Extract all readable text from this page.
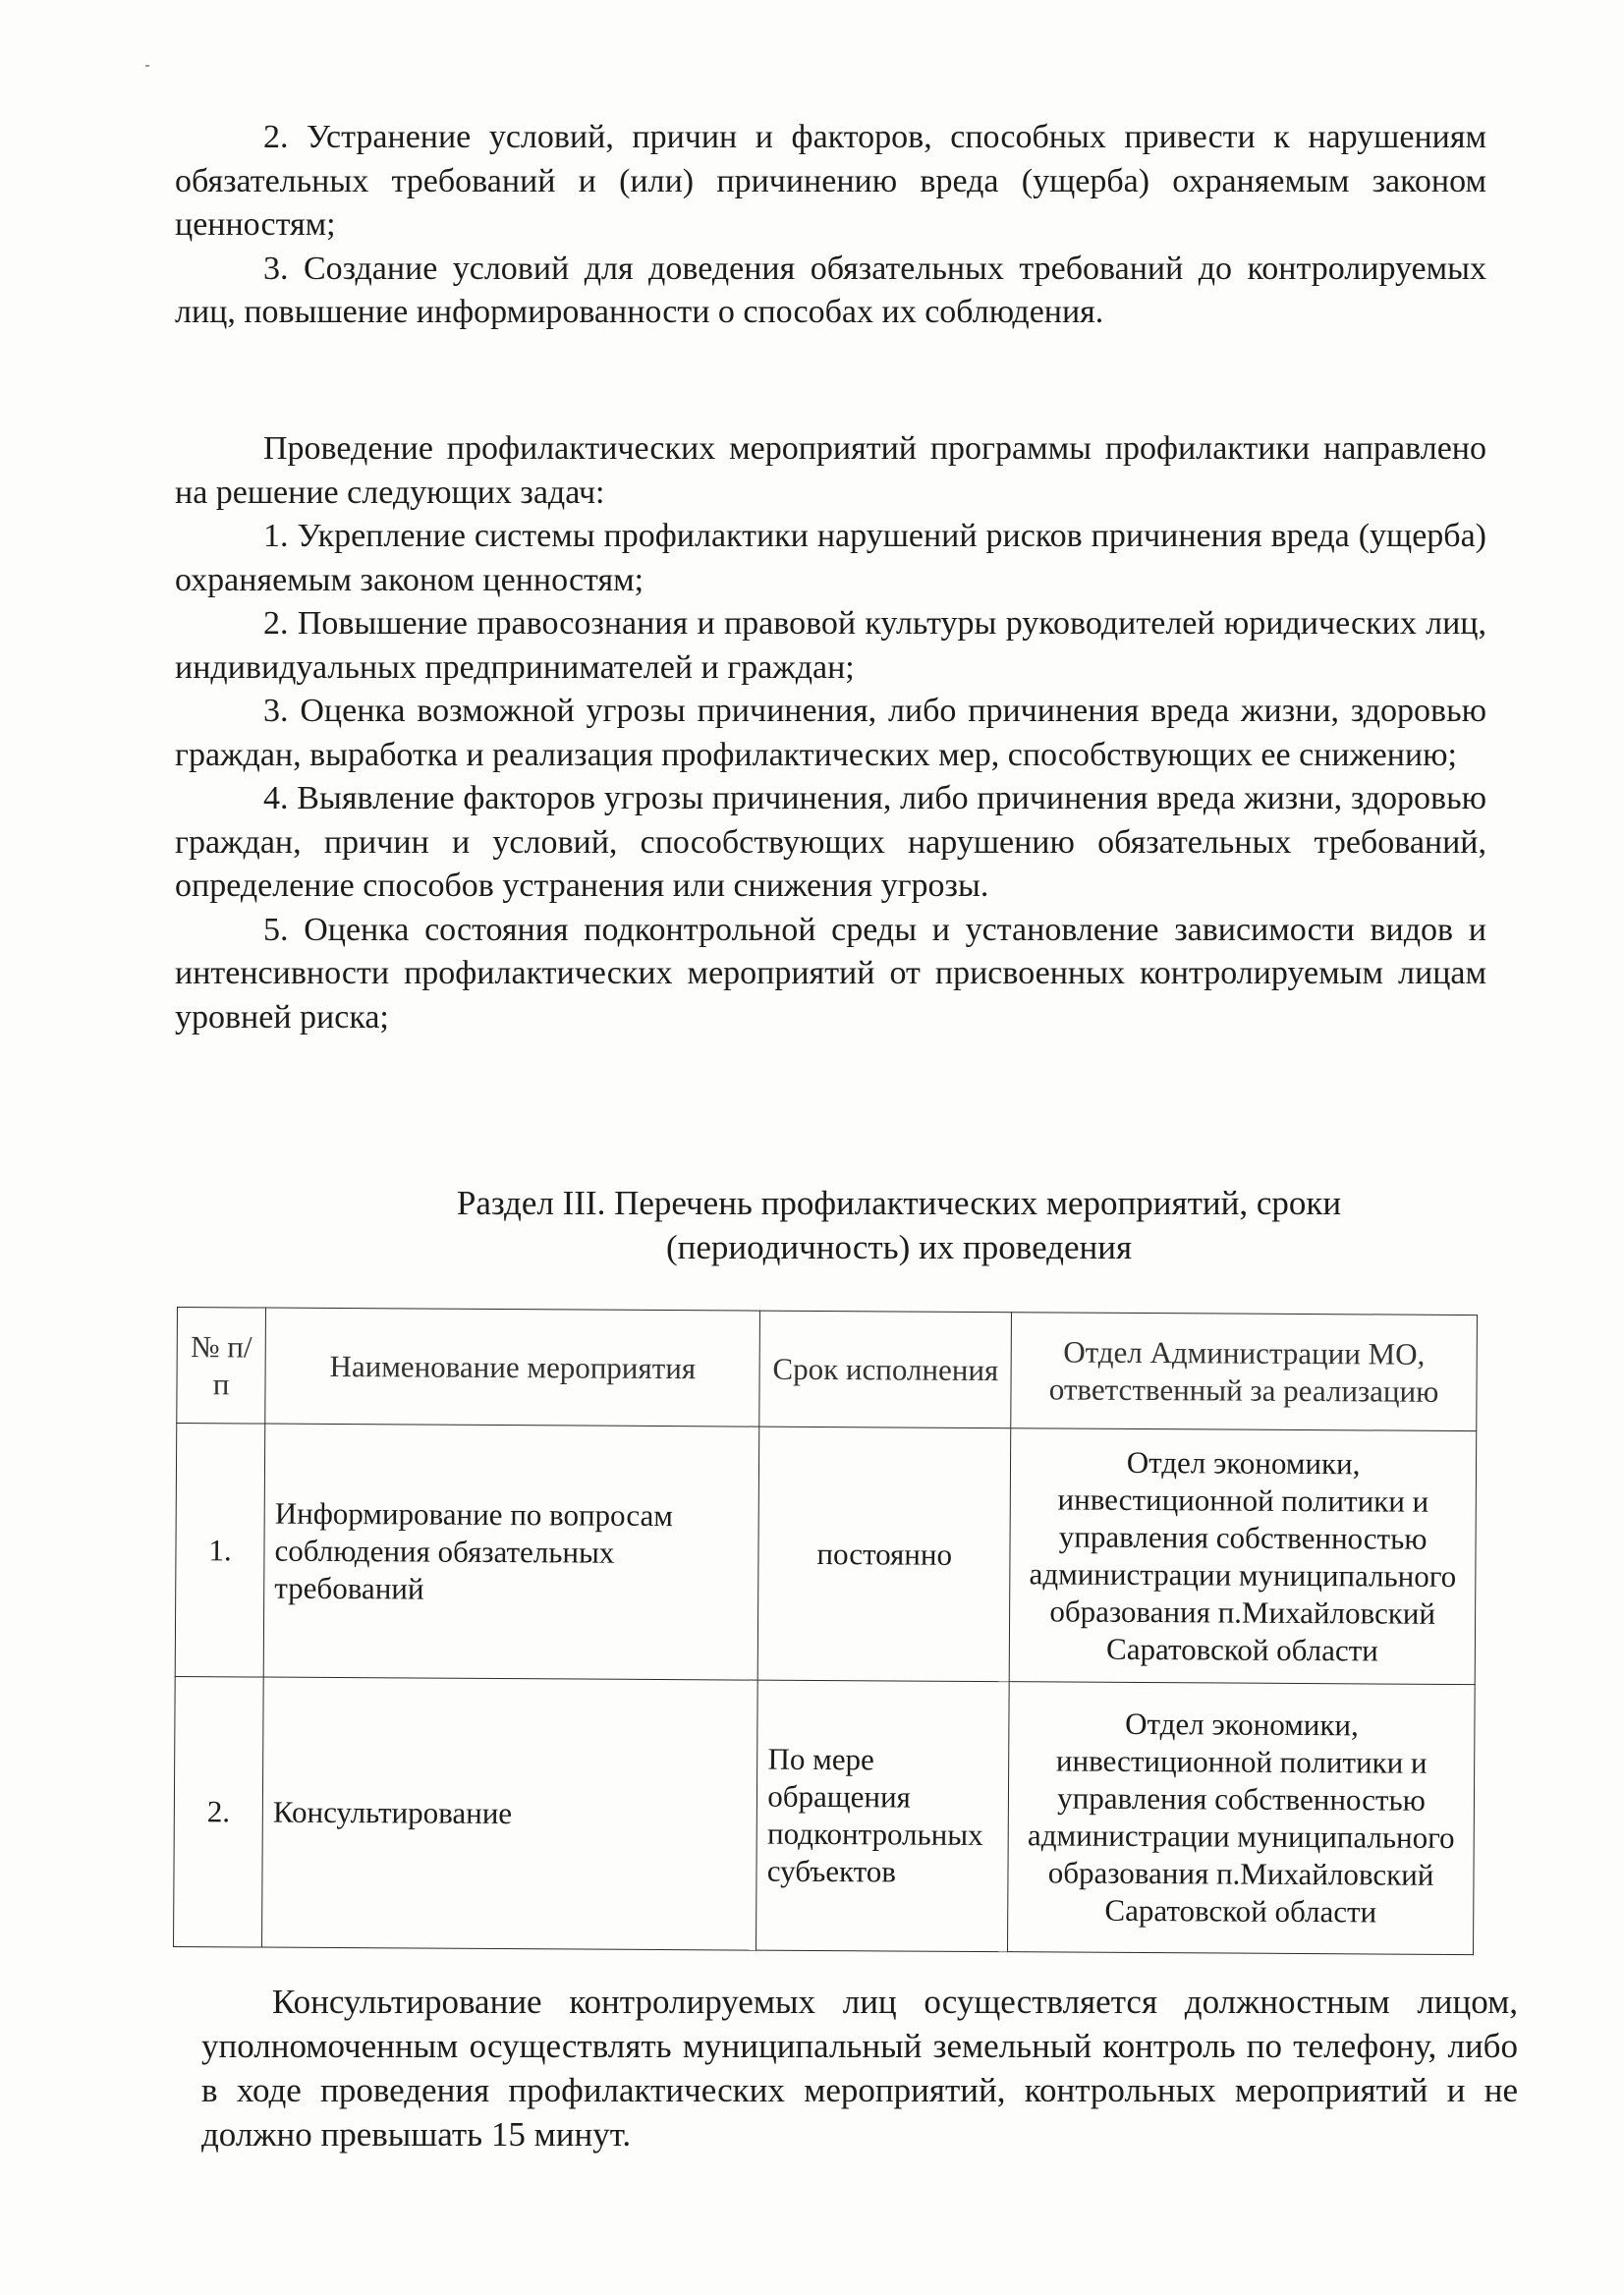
2. Устранение условий, причин и факторов, способных привести к нарушениям обязательных требований и (или) причинению вреда (ущерба) охраняемым законом ценностям;

3. Создание условий для доведения обязательных требований до контролируемых лиц, повышение информированности о способах их соблюдения.

Проведение профилактических мероприятий программы профилактики направлено на решение следующих задач:

1. Укрепление системы профилактики нарушений рисков причинения вреда (ущерба) охраняемым законом ценностям;

2. Повышение правосознания и правовой культуры руководителей юридических лиц, индивидуальных предпринимателей и граждан;

3. Оценка возможной угрозы причинения, либо причинения вреда жизни, здоровью граждан, выработка и реализация профилактических мер, способствующих ее снижению;

4. Выявление факторов угрозы причинения, либо причинения вреда жизни, здоровью граждан, причин и условий, способствующих нарушению обязательных требований, определение способов устранения или снижения угрозы.

5. Оценка состояния подконтрольной среды и установление зависимости видов и интенсивности профилактических мероприятий от присвоенных контролируемым лицам уровней риска;

Раздел III. Перечень профилактических мероприятий, сроки
(периодичность) их проведения
№ п/п	Наименование мероприятия	Срок исполнения	Отдел Администрации МО, ответственный за реализацию
1.	Информирование по вопросам соблюдения обязательных требований	постоянно	Отдел экономики, инвестиционной политики и управления собственностью администрации муниципального образования п.Михайловский Саратовской области
2.	Консультирование	По мере обращения подконтрольных субъектов	Отдел экономики, инвестиционной политики и управления собственностью администрации муниципального образования п.Михайловский Саратовской области

Консультирование контролируемых лиц осуществляется должностным лицом, уполномоченным осуществлять муниципальный земельный контроль по телефону, либо в ходе проведения профилактических мероприятий, контрольных мероприятий и не должно превышать 15 минут.
